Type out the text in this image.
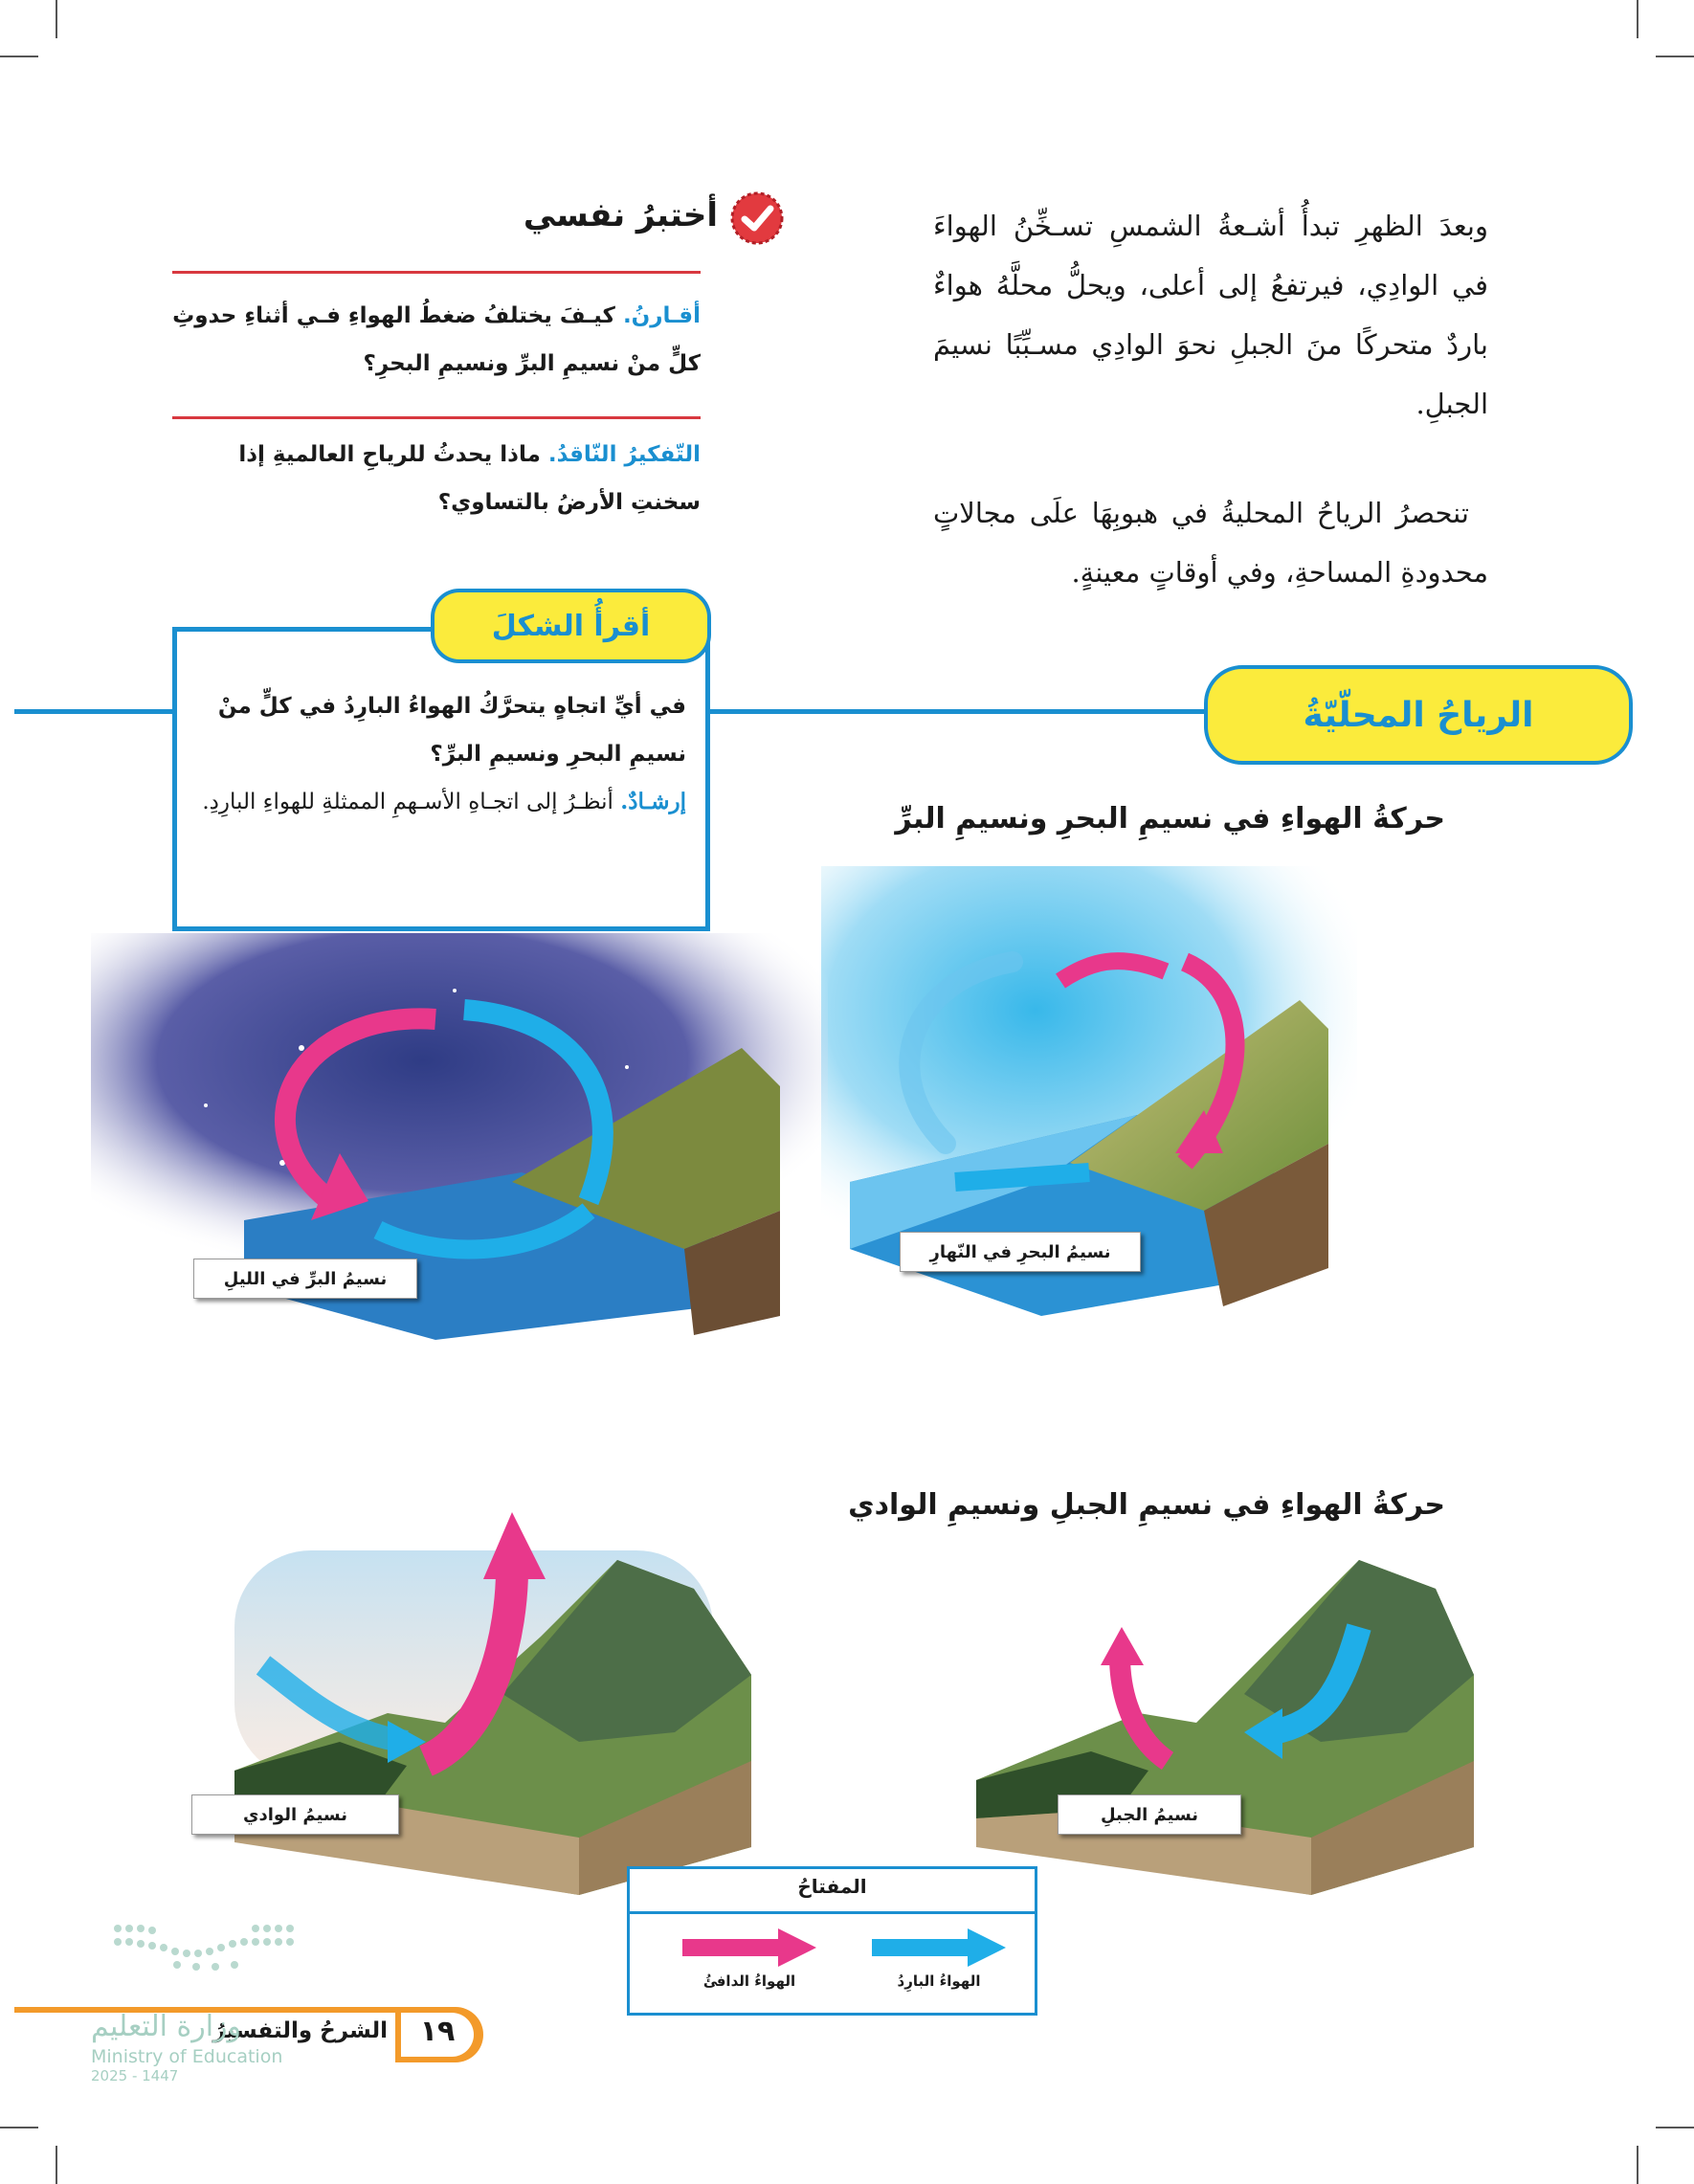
وبعدَ الظهرِ تبدأُ أشـعةُ الشمسِ تسـخِّنُ الهواءَ في الوادِي، فيرتفعُ إلى أعلى، ويحلُّ محلَّهُ هواءٌ باردٌ متحركًا منَ الجبلِ نحوَ الوادِي مسـبِّبًا نسيمَ الجبلِ.
تنحصرُ الرياحُ المحليةُ في هبوبِهَا علَى مجالاتٍ محدودةِ المساحةِ، وفي أوقاتٍ معينةٍ.
أختبرُ نفسي
أقـارنُ. كيـفَ يختلفُ ضغطُ الهواءِ فـي أثناءِ حدوثِ كلٍّ منْ نسيمِ البرِّ ونسيمِ البحرِ؟
التّفكيرُ النّاقدُ. ماذا يحدثُ للرياحِ العالميةِ إذا سخنتِ الأرضُ بالتساوي؟
في أيِّ اتجاهٍ يتحرَّكُ الهواءُ البارِدُ في كلٍّ منْ نسيمِ البحرِ ونسيمِ البرِّ؟
إرشـادٌ. أنظـرُ إلى اتجـاهِ الأسـهمِ الممثلةِ للهواءِ البارِدِ.
أقرأُ الشكلَ
الرياحُ المحلّيّةُ
حركةُ الهواءِ في نسيمِ البحرِ ونسيمِ البرِّ
نسيمُ البحرِ في النّهارِ
نسيمُ البرِّ في الليلِ
حركةُ الهواءِ في نسيمِ الجبلِ ونسيمِ الوادي
نسيمُ الجبلِ
نسيمُ الوادي
المفتاحُ
الهواءُ الدافئُ	الهواءُ البارِدُ
١٩
الشرحُ والتفسيرُ
وزارة التعليم
Ministry of Education
2025 - 1447
